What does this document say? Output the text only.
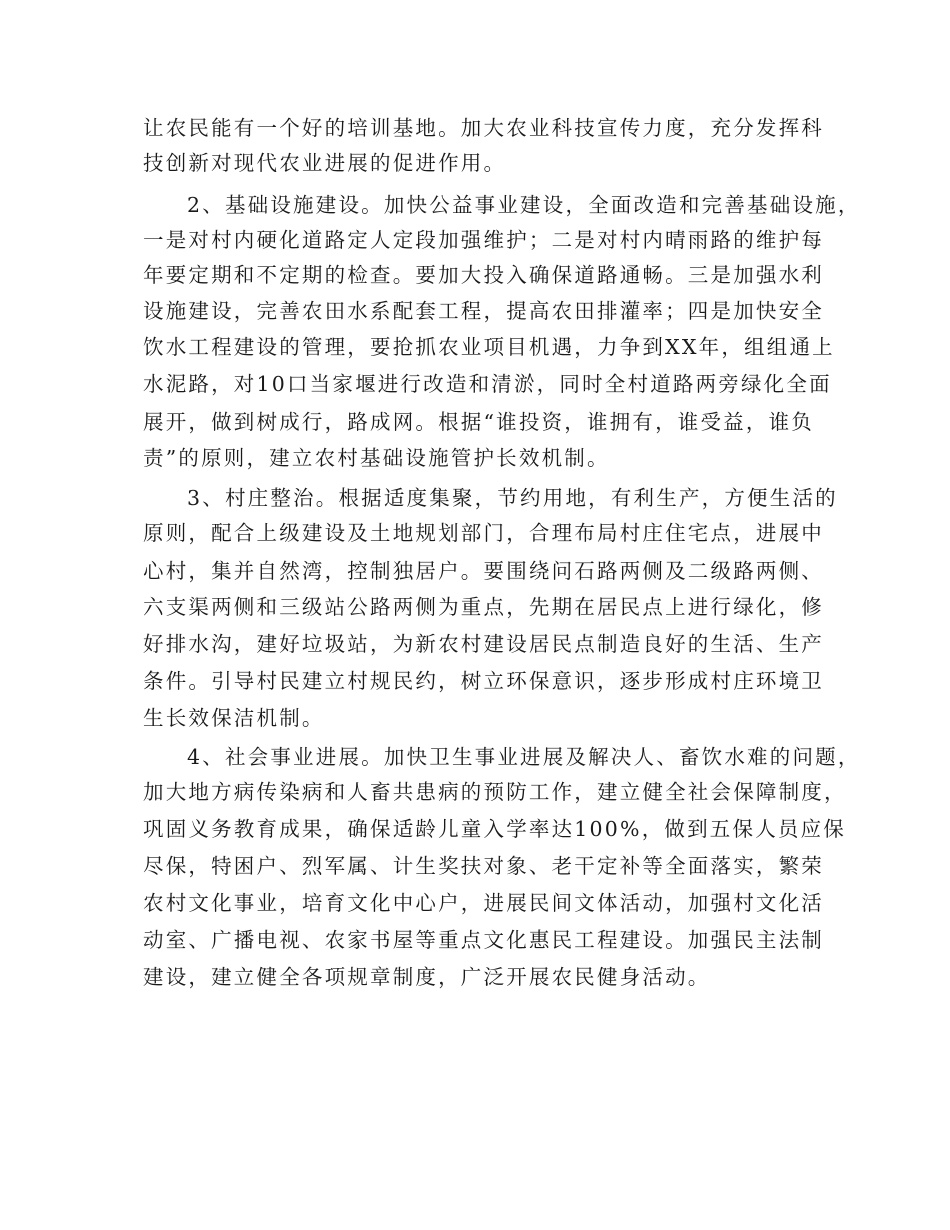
让农民能有一个好的培训基地。加大农业科技宣传力度，充分发挥科
技创新对现代农业进展的促进作用。
2、基础设施建设。加快公益事业建设，全面改造和完善基础设施，
一是对村内硬化道路定人定段加强维护；二是对村内晴雨路的维护每
年要定期和不定期的检查。要加大投入确保道路通畅。三是加强水利
设施建设，完善农田水系配套工程，提高农田排灌率；四是加快安全
饮水工程建设的管理，要抢抓农业项目机遇，力争到XX年，组组通上
水泥路，对10口当家堰进行改造和清淤，同时全村道路两旁绿化全面
展开，做到树成行，路成网。根据“谁投资，谁拥有，谁受益，谁负
责”的原则，建立农村基础设施管护长效机制。
3、村庄整治。根据适度集聚，节约用地，有利生产，方便生活的
原则，配合上级建设及土地规划部门，合理布局村庄住宅点，进展中
心村，集并自然湾，控制独居户。要围绕问石路两侧及二级路两侧、
六支渠两侧和三级站公路两侧为重点，先期在居民点上进行绿化，修
好排水沟，建好垃圾站，为新农村建设居民点制造良好的生活、生产
条件。引导村民建立村规民约，树立环保意识，逐步形成村庄环境卫
生长效保洁机制。
4、社会事业进展。加快卫生事业进展及解决人、畜饮水难的问题，
加大地方病传染病和人畜共患病的预防工作，建立健全社会保障制度，
巩固义务教育成果，确保适龄儿童入学率达100%，做到五保人员应保
尽保，特困户、烈军属、计生奖扶对象、老干定补等全面落实，繁荣
农村文化事业，培育文化中心户，进展民间文体活动，加强村文化活
动室、广播电视、农家书屋等重点文化惠民工程建设。加强民主法制
建设，建立健全各项规章制度，广泛开展农民健身活动。
